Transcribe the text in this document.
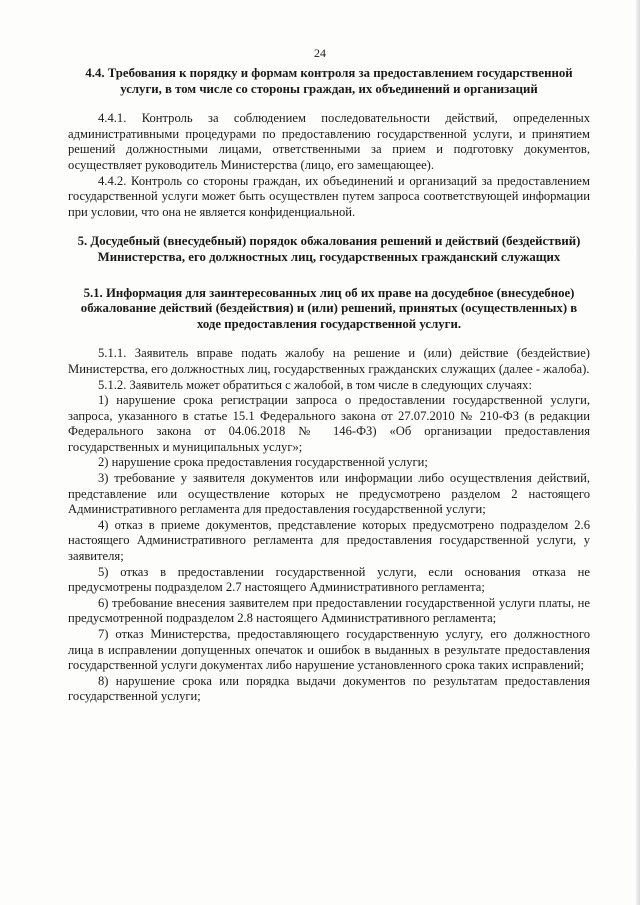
24
4.4. Требования к порядку и формам контроля за предоставлением государственной услуги, в том числе со стороны граждан, их объединений и организаций

4.4.1. Контроль за соблюдением последовательности действий, определенных административными процедурами по предоставлению государственной услуги, и принятием решений должностными лицами, ответственными за прием и подготовку документов, осуществляет руководитель Министерства (лицо, его замещающее).

4.4.2. Контроль со стороны граждан, их объединений и организаций за предоставлением государственной услуги может быть осуществлен путем запроса соответствующей информации при условии, что она не является конфиденциальной.

5. Досудебный (внесудебный) порядок обжалования решений и действий (бездействий) Министерства, его должностных лиц, государственных гражданский служащих
5.1. Информация для заинтересованных лиц об их праве на досудебное (внесудебное) обжалование действий (бездействия) и (или) решений, принятых (осуществленных) в ходе предоставления государственной услуги.

5.1.1. Заявитель вправе подать жалобу на решение и (или) действие (бездействие) Министерства, его должностных лиц, государственных гражданских служащих (далее - жалоба).

5.1.2. Заявитель может обратиться с жалобой, в том числе в следующих случаях:

1) нарушение срока регистрации запроса о предоставлении государственной услуги, запроса, указанного в статье 15.1 Федерального закона от 27.07.2010 № 210-ФЗ (в редакции Федерального закона от 04.06.2018 № 146-ФЗ) «Об организации предоставления государственных и муниципальных услуг»;

2) нарушение срока предоставления государственной услуги;

3) требование у заявителя документов или информации либо осуществления действий, представление или осуществление которых не предусмотрено разделом 2 настоящего Административного регламента для предоставления государственной услуги;

4) отказ в приеме документов, представление которых предусмотрено подразделом 2.6 настоящего Административного регламента для предоставления государственной услуги, у заявителя;

5) отказ в предоставлении государственной услуги, если основания отказа не предусмотрены подразделом 2.7 настоящего Административного регламента;

6) требование внесения заявителем при предоставлении государственной услуги платы, не предусмотренной подразделом 2.8 настоящего Административного регламента;

7) отказ Министерства, предоставляющего государственную услугу, его должностного лица в исправлении допущенных опечаток и ошибок в выданных в результате предоставления государственной услуги документах либо нарушение установленного срока таких исправлений;

8) нарушение срока или порядка выдачи документов по результатам предоставления государственной услуги;
